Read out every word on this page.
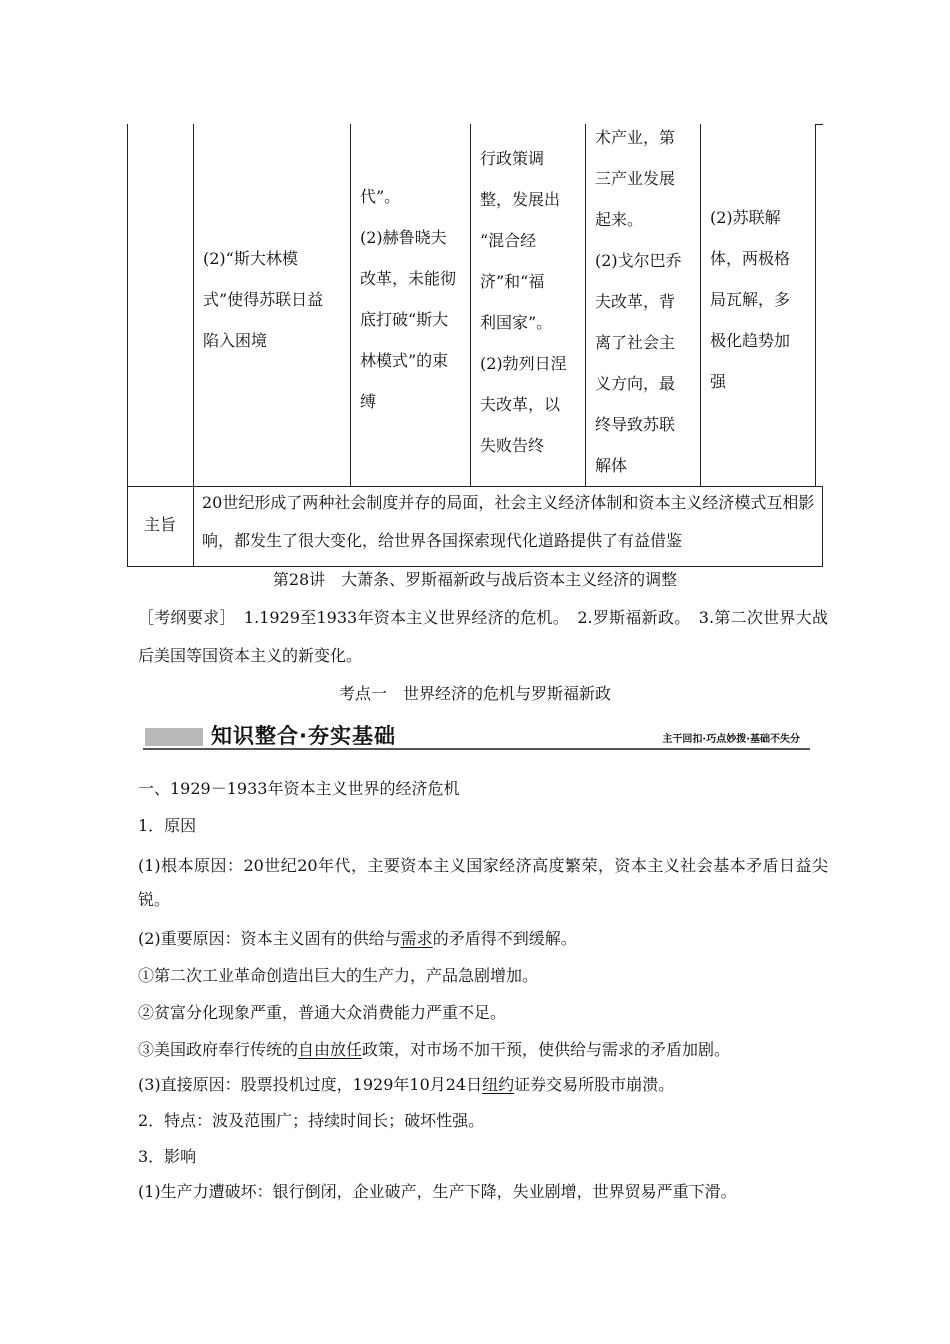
(2)“斯大林模
式”使得苏联日益
陷入困境
代”。
(2)赫鲁晓夫
改革，未能彻
底打破“斯大
林模式”的束
缚
行政策调
整，发展出
“混合经
济”和“福
利国家”。
(2)勃列日涅
夫改革，以
失败告终
术产业，第
三产业发展
起来。
(2)戈尔巴乔
夫改革，背
离了社会主
义方向，最
终导致苏联
解体
(2)苏联解
体，两极格
局瓦解，多
极化趋势加
强
主旨
20世纪形成了两种社会制度并存的局面，社会主义经济体制和资本主义经济模式互相影响，都发生了很大变化，给世界各国探索现代化道路提供了有益借鉴
第28讲　大萧条、罗斯福新政与战后资本主义经济的调整
［考纲要求］　1.1929至1933年资本主义世界经济的危机。　2.罗斯福新政。　3.第二次世界大战后美国等国资本主义的新变化。
考点一　世界经济的危机与罗斯福新政
知识整合·夯实基础	主干回扣·巧点妙拨·基础不失分
一、1929－1933年资本主义世界的经济危机
1．原因
(1)根本原因：20世纪20年代，主要资本主义国家经济高度繁荣，资本主义社会基本矛盾日益尖锐。
(2)重要原因：资本主义固有的供给与需求的矛盾得不到缓解。
①第二次工业革命创造出巨大的生产力，产品急剧增加。
②贫富分化现象严重，普通大众消费能力严重不足。
③美国政府奉行传统的自由放任政策，对市场不加干预，使供给与需求的矛盾加剧。
(3)直接原因：股票投机过度，1929年10月24日纽约证券交易所股市崩溃。
2．特点：波及范围广；持续时间长；破坏性强。
3．影响
(1)生产力遭破坏：银行倒闭，企业破产，生产下降，失业剧增，世界贸易严重下滑。
